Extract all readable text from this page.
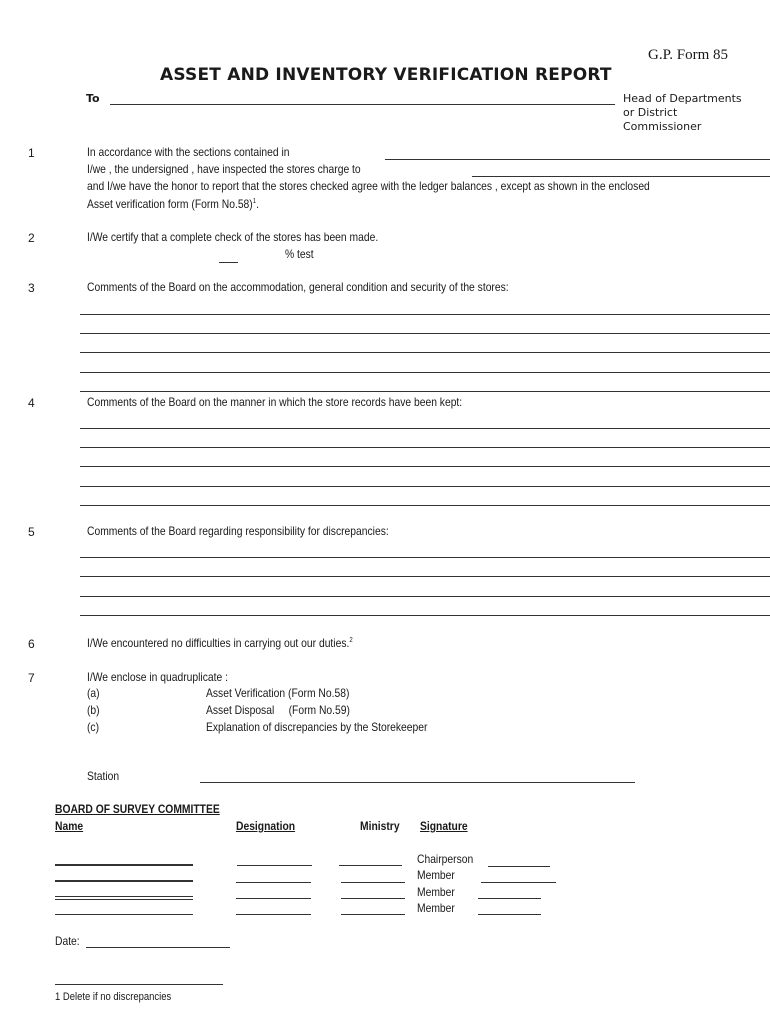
G.P. Form 85
ASSET AND INVENTORY VERIFICATION REPORT
To	Head of Departments
or District
Commissioner
1	In accordance with the sections contained in
I/we , the undersigned , have inspected the stores charge to
and I/we have the honor to report that the stores checked agree with the ledger balances , except as shown in the enclosed
Asset verification form (Form No.58)$^1$.
2	I/We certify that a complete check of the stores has been made.
% test
3	Comments of the Board on the accommodation, general condition and security of the stores:
4	Comments of the Board on the manner in which the store records have been kept:
5	Comments of the Board regarding responsibility for discrepancies:
6	I/We encountered no difficulties in carrying out our duties.$^2$
7	I/We enclose in quadruplicate :
(a)	Asset Verification (Form No.58)
(b)	Asset Disposal     (Form No.59)
(c)	Explanation of discrepancies by the Storekeeper
Station
BOARD OF SURVEY COMMITTEE
Name	Designation	Ministry Signature
Chairperson
Member
Member
Member
Date:
1 Delete if no discrepancies
